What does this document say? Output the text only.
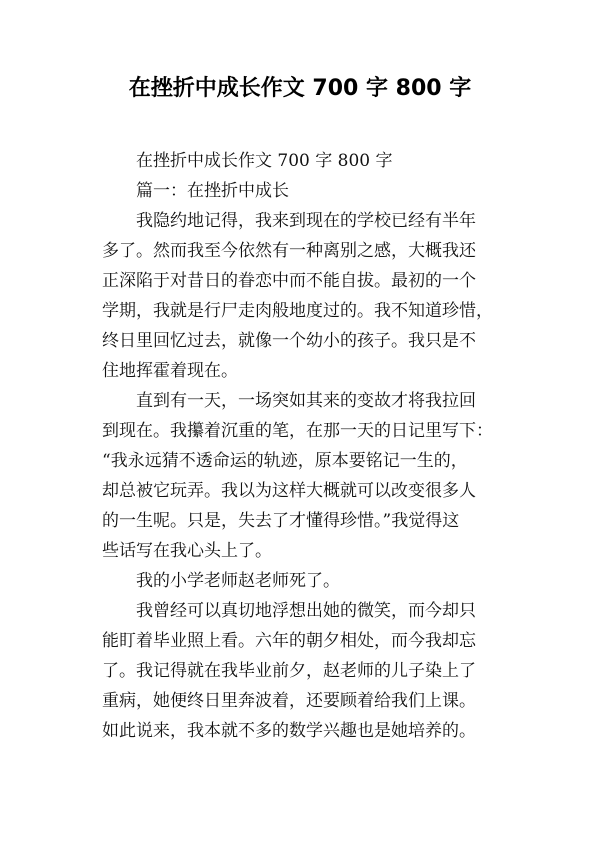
在挫折中成长作文 700 字 800 字
在挫折中成长作文 700 字 800 字
篇一：在挫折中成长
我隐约地记得，我来到现在的学校已经有半年
多了。然而我至今依然有一种离别之感，大概我还
正深陷于对昔日的眷恋中而不能自拔。最初的一个
学期，我就是行尸走肉般地度过的。我不知道珍惜，
终日里回忆过去，就像一个幼小的孩子。我只是不
住地挥霍着现在。
直到有一天，一场突如其来的变故才将我拉回
到现在。我攥着沉重的笔，在那一天的日记里写下：
“我永远猜不透命运的轨迹，原本要铭记一生的，
却总被它玩弄。我以为这样大概就可以改变很多人
的一生呢。只是，失去了才懂得珍惜。”我觉得这
些话写在我心头上了。
我的小学老师赵老师死了。
我曾经可以真切地浮想出她的微笑，而今却只
能盯着毕业照上看。六年的朝夕相处，而今我却忘
了。我记得就在我毕业前夕，赵老师的儿子染上了
重病，她便终日里奔波着，还要顾着给我们上课。
如此说来，我本就不多的数学兴趣也是她培养的。
